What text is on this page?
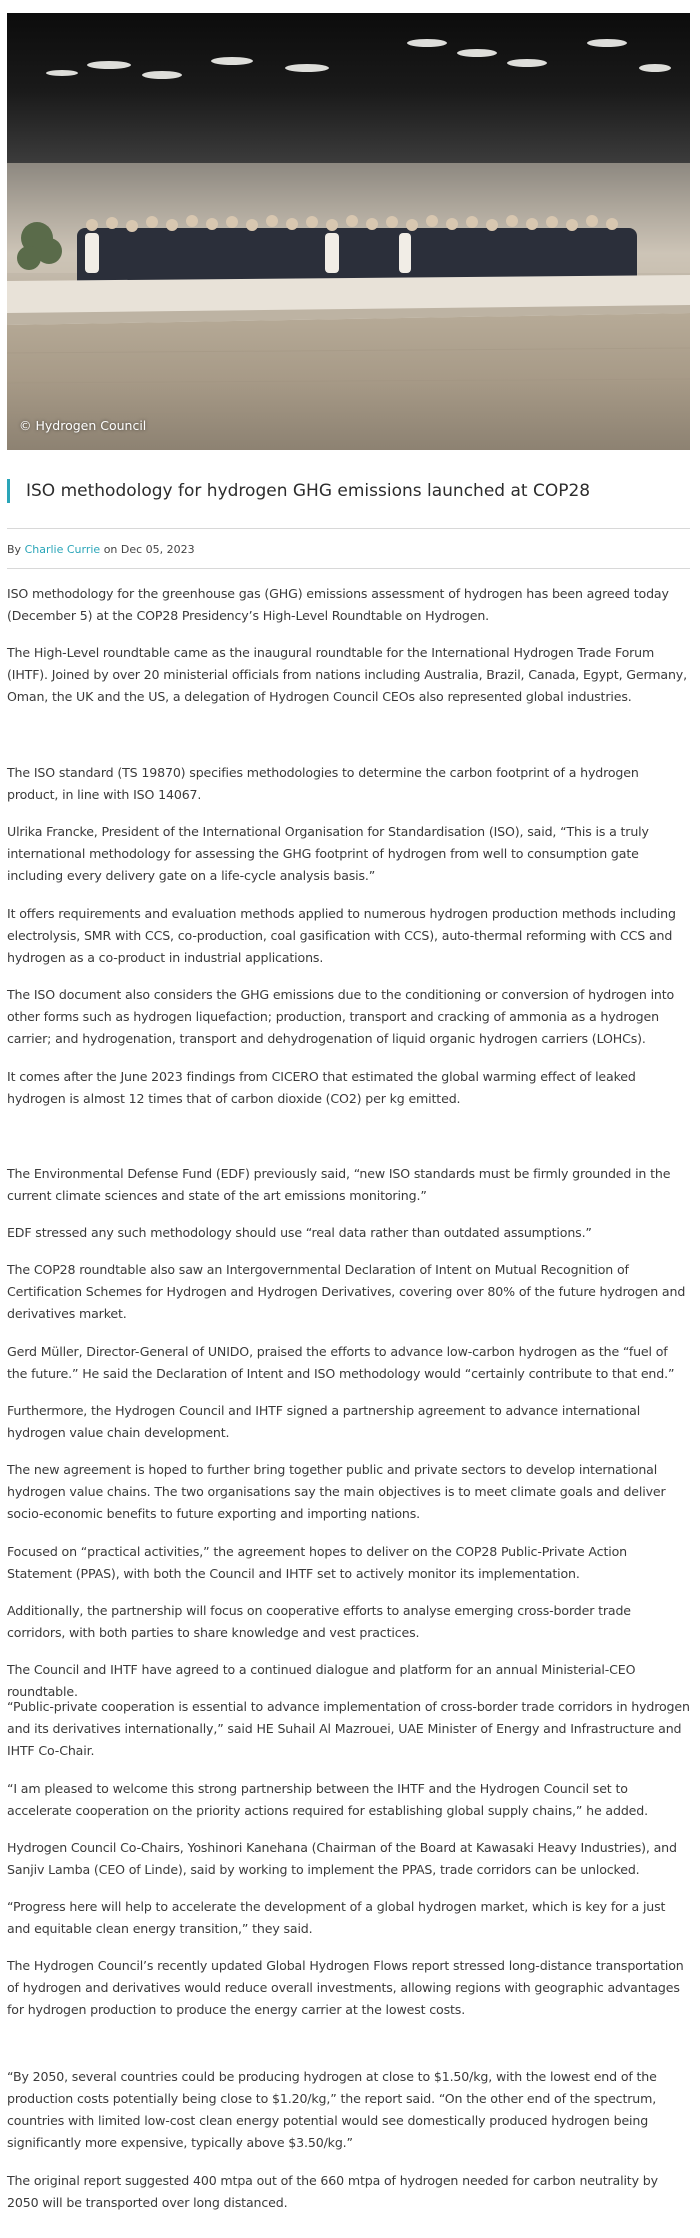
© Hydrogen Council
ISO methodology for hydrogen GHG emissions launched at COP28
By Charlie Currie on Dec 05, 2023

ISO methodology for the greenhouse gas (GHG) emissions assessment of hydrogen has been agreed today (December 5) at the COP28 Presidency’s High-Level Roundtable on Hydrogen.

The High-Level roundtable came as the inaugural roundtable for the International Hydrogen Trade Forum (IHTF). Joined by over 20 ministerial officials from nations including Australia, Brazil, Canada, Egypt, Germany, Oman, the UK and the US, a delegation of Hydrogen Council CEOs also represented global industries.

The ISO standard (TS 19870) specifies methodologies to determine the carbon footprint of a hydrogen product, in line with ISO 14067.

Ulrika Francke, President of the International Organisation for Standardisation (ISO), said, “This is a truly international methodology for assessing the GHG footprint of hydrogen from well to consumption gate including every delivery gate on a life-cycle analysis basis.”

It offers requirements and evaluation methods applied to numerous hydrogen production methods including electrolysis, SMR with CCS, co-production, coal gasification with CCS), auto-thermal reforming with CCS and hydrogen as a co-product in industrial applications.

The ISO document also considers the GHG emissions due to the conditioning or conversion of hydrogen into other forms such as hydrogen liquefaction; production, transport and cracking of ammonia as a hydrogen carrier; and hydrogenation, transport and dehydrogenation of liquid organic hydrogen carriers (LOHCs).

It comes after the June 2023 findings from CICERO that estimated the global warming effect of leaked hydrogen is almost 12 times that of carbon dioxide (CO2) per kg emitted.

The Environmental Defense Fund (EDF) previously said, “new ISO standards must be firmly grounded in the current climate sciences and state of the art emissions monitoring.”

EDF stressed any such methodology should use “real data rather than outdated assumptions.”

The COP28 roundtable also saw an Intergovernmental Declaration of Intent on Mutual Recognition of Certification Schemes for Hydrogen and Hydrogen Derivatives, covering over 80% of the future hydrogen and derivatives market.

Gerd Müller, Director-General of UNIDO, praised the efforts to advance low-carbon hydrogen as the “fuel of the future.” He said the Declaration of Intent and ISO methodology would “certainly contribute to that end.”

Furthermore, the Hydrogen Council and IHTF signed a partnership agreement to advance international hydrogen value chain development.

The new agreement is hoped to further bring together public and private sectors to develop international hydrogen value chains. The two organisations say the main objectives is to meet climate goals and deliver socio-economic benefits to future exporting and importing nations.

Focused on “practical activities,” the agreement hopes to deliver on the COP28 Public-Private Action Statement (PPAS), with both the Council and IHTF set to actively monitor its implementation.

Additionally, the partnership will focus on cooperative efforts to analyse emerging cross-border trade corridors, with both parties to share knowledge and vest practices.

The Council and IHTF have agreed to a continued dialogue and platform for an annual Ministerial-CEO roundtable.

“Public-private cooperation is essential to advance implementation of cross-border trade corridors in hydrogen and its derivatives internationally,” said HE Suhail Al Mazrouei, UAE Minister of Energy and Infrastructure and IHTF Co-Chair.

“I am pleased to welcome this strong partnership between the IHTF and the Hydrogen Council set to accelerate cooperation on the priority actions required for establishing global supply chains,” he added.

Hydrogen Council Co-Chairs, Yoshinori Kanehana (Chairman of the Board at Kawasaki Heavy Industries), and Sanjiv Lamba (CEO of Linde), said by working to implement the PPAS, trade corridors can be unlocked.

“Progress here will help to accelerate the development of a global hydrogen market, which is key for a just and equitable clean energy transition,” they said.

The Hydrogen Council’s recently updated Global Hydrogen Flows report stressed long-distance transportation of hydrogen and derivatives would reduce overall investments, allowing regions with geographic advantages for hydrogen production to produce the energy carrier at the lowest costs.

“By 2050, several countries could be producing hydrogen at close to $1.50/kg, with the lowest end of the production costs potentially being close to $1.20/kg,” the report said. “On the other end of the spectrum, countries with limited low-cost clean energy potential would see domestically produced hydrogen being significantly more expensive, typically above $3.50/kg.”

The original report suggested 400 mtpa out of the 660 mtpa of hydrogen needed for carbon neutrality by 2050 will be transported over long distanced.
